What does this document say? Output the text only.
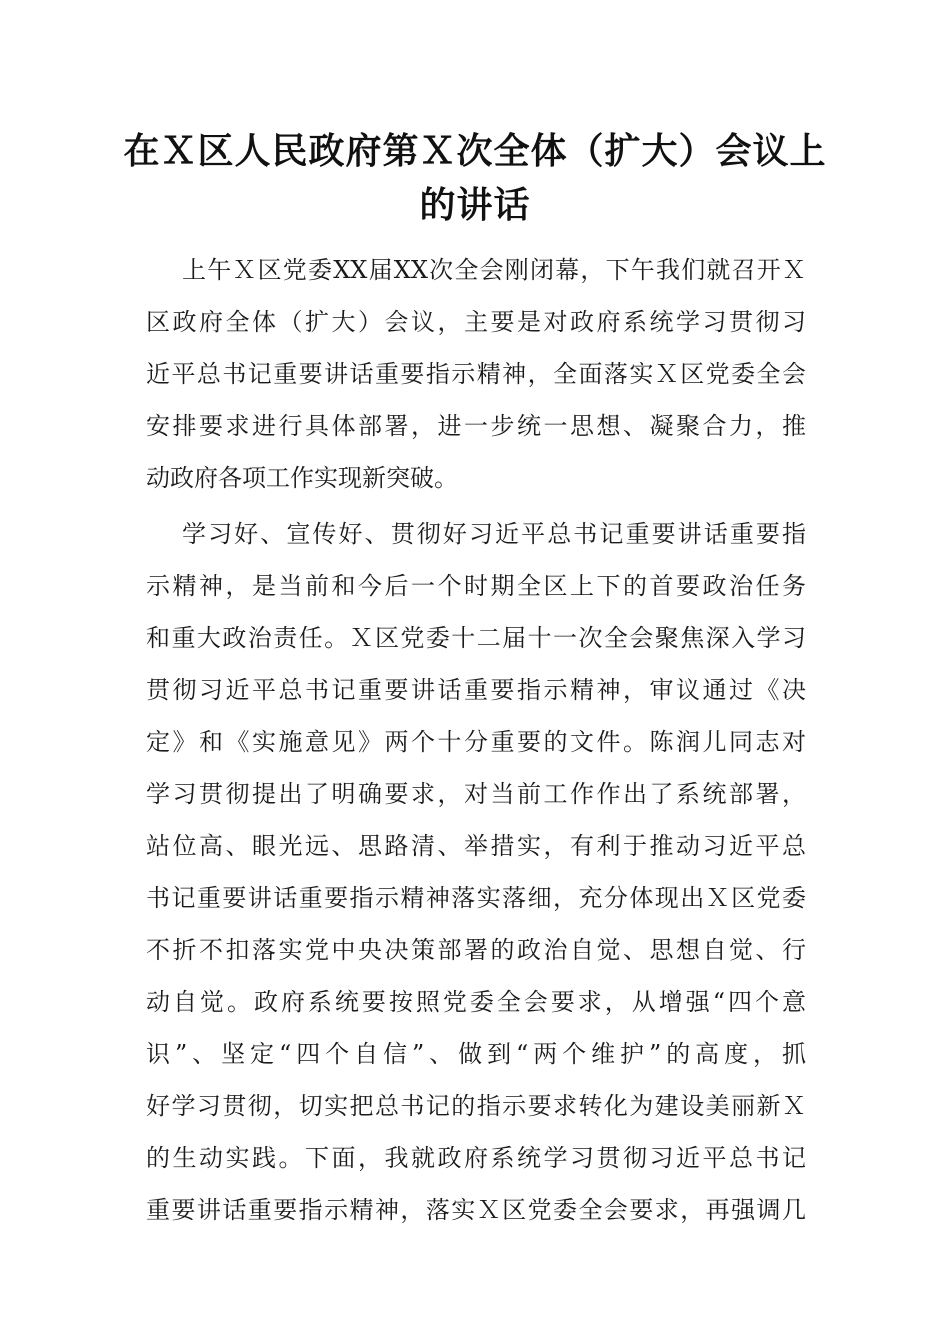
在Ｘ区人民政府第Ｘ次全体（扩大）会议上
的讲话
上午Ｘ区党委XX届XX次全会刚闭幕，下午我们就召开Ｘ
区政府全体（扩大）会议，主要是对政府系统学习贯彻习
近平总书记重要讲话重要指示精神，全面落实Ｘ区党委全会
安排要求进行具体部署，进一步统一思想、凝聚合力，推
动政府各项工作实现新突破。
学习好、宣传好、贯彻好习近平总书记重要讲话重要指
示精神，是当前和今后一个时期全区上下的首要政治任务
和重大政治责任。Ｘ区党委十二届十一次全会聚焦深入学习
贯彻习近平总书记重要讲话重要指示精神，审议通过《决
定》和《实施意见》两个十分重要的文件。陈润儿同志对
学习贯彻提出了明确要求，对当前工作作出了系统部署，
站位高、眼光远、思路清、举措实，有利于推动习近平总
书记重要讲话重要指示精神落实落细，充分体现出Ｘ区党委
不折不扣落实党中央决策部署的政治自觉、思想自觉、行
动自觉。政府系统要按照党委全会要求，从增强“四个意
识”、坚定“四个自信”、做到“两个维护”的高度，抓
好学习贯彻，切实把总书记的指示要求转化为建设美丽新Ｘ
的生动实践。下面，我就政府系统学习贯彻习近平总书记
重要讲话重要指示精神，落实Ｘ区党委全会要求，再强调几
